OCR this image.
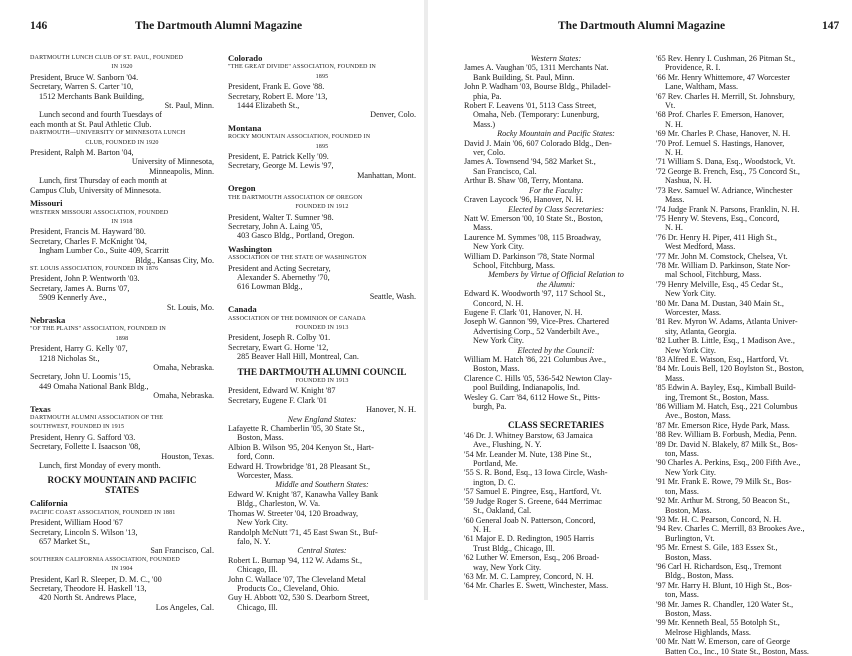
146	The Dartmouth Alumni Magazine
DARTMOUTH LUNCH CLUB OF ST. PAUL, FOUNDED
IN 1920
President, Bruce W. Sanborn '04.
Secretary, Warren S. Carter '10,
1512 Merchants Bank Building,
St. Paul, Minn.
Lunch second and fourth Tuesdays of
each month at St. Paul Athletic Club.
DARTMOUTH—UNIVERSITY OF MINNESOTA LUNCH
CLUB, FOUNDED IN 1920
President, Ralph M. Barton '04,
University of Minnesota,
Minneapolis, Minn.
Lunch, first Thursday of each month at
Campus Club, University of Minnesota.
Missouri
WESTERN MISSOURI ASSOCIATION, FOUNDED
IN 1918
President, Francis M. Hayward '80.
Secretary, Charles F. McKnight '04,
Ingham Lumber Co., Suite 409, Scarritt
Bldg., Kansas City, Mo.
ST. LOUIS ASSOCIATION, FOUNDED IN 1876
President, John P. Wentworth '03.
Secretary, James A. Burns '07,
5909 Kennerly Ave.,
St. Louis, Mo.
Nebraska
"OF THE PLAINS" ASSOCIATION, FOUNDED IN
1898
President, Harry G. Kelly '07,
1218 Nicholas St.,
Omaha, Nebraska.
Secretary, John U. Loomis '15,
449 Omaha National Bank Bldg.,
Omaha, Nebraska.
Texas
DARTMOUTH ALUMNI ASSOCIATION OF THE
SOUTHWEST, FOUNDED IN 1915
President, Henry G. Safford '03.
Secretary, Follette I. Isaacson '08,
Houston, Texas.
Lunch, first Monday of every month.
ROCKY MOUNTAIN AND PACIFIC
STATES
California
PACIFIC COAST ASSOCIATION, FOUNDED IN 1881
President, William Hood '67
Secretary, Lincoln S. Wilson '13,
657 Market St.,
San Francisco, Cal.
SOUTHERN CALIFORNIA ASSOCIATION, FOUNDED
IN 1904
President, Karl R. Sleeper, D. M. C., '00
Secretary, Theodore H. Haskell '13,
420 North St. Andrews Place,
Los Angeles, Cal.
Colorado
"THE GREAT DIVIDE" ASSOCIATION, FOUNDED IN
1895
President, Frank E. Gove '88.
Secretary, Robert E. More '13,
1444 Elizabeth St.,
Denver, Colo.
Montana
ROCKY MOUNTAIN ASSOCIATION, FOUNDED IN
1895
President, E. Patrick Kelly '09.
Secretary, George M. Lewis '97,
Manhattan, Mont.
Oregon
THE DARTMOUTH ASSOCIATION OF OREGON
FOUNDED IN 1912
President, Walter T. Sumner '98.
Secretary, John A. Laing '05,
403 Gasco Bldg., Portland, Oregon.
Washington
ASSOCIATION OF THE STATE OF WASHINGTON
President and Acting Secretary,
Alexander S. Abernethy '70,
616 Lowman Bldg.,
Seattle, Wash.
Canada
ASSOCIATION OF THE DOMINION OF CANADA
FOUNDED IN 1913
President, Joseph R. Colby '01.
Secretary, Ewart G. Horne '12,
285 Beaver Hall Hill, Montreal, Can.
THE DARTMOUTH ALUMNI COUNCIL
FOUNDED IN 1913
President, Edward W. Knight '87
Secretary, Eugene F. Clark '01
Hanover, N. H.
New England States:
Lafayette R. Chamberlin '05, 30 State St.,
Boston, Mass.
Albion B. Wilson '95, 204 Kenyon St., Hart-
ford, Conn.
Edward H. Trowbridge '81, 28 Pleasant St.,
Worcester, Mass.
Middle and Southern States:
Edward W. Knight '87, Kanawha Valley Bank
Bldg., Charleston, W. Va.
Thomas W. Streeter '04, 120 Broadway,
New York City.
Randolph McNutt '71, 45 East Swan St., Buf-
falo, N. Y.
Central States:
Robert L. Burnap '94, 112 W. Adams St.,
Chicago, Ill.
John C. Wallace '07, The Cleveland Metal
Products Co., Cleveland, Ohio.
Guy H. Abbott '02, 530 S. Dearborn Street,
Chicago, Ill.
The Dartmouth Alumni Magazine	147
Western States:
James A. Vaughan '05, 1311 Merchants Nat.
Bank Building, St. Paul, Minn.
John P. Wadham '03, Bourse Bldg., Philadel-
phia, Pa.
Robert F. Leavens '01, 5113 Cass Street,
Omaha, Neb. (Temporary: Lunenburg,
Mass.)
Rocky Mountain and Pacific States:
David J. Main '06, 607 Colorado Bldg., Den-
ver, Colo.
James A. Townsend '94, 582 Market St.,
San Francisco, Cal.
Arthur B. Shaw '08, Terry, Montana.
For the Faculty:
Craven Laycock '96, Hanover, N. H.
Elected by Class Secretaries:
Natt W. Emerson '00, 10 State St., Boston,
Mass.
Laurence M. Symmes '08, 115 Broadway,
New York City.
William D. Parkinson '78, State Normal
School, Fitchburg, Mass.
Members by Virtue of Official Relation to
the Alumni:
Edward K. Woodworth '97, 117 School St.,
Concord, N. H.
Eugene F. Clark '01, Hanover, N. H.
Joseph W. Gannon '99, Vice-Pres. Chartered
Advertising Corp., 52 Vanderbilt Ave.,
New York City.
Elected by the Council:
William M. Hatch '86, 221 Columbus Ave.,
Boston, Mass.
Clarence C. Hills '05, 536-542 Newton Clay-
pool Building, Indianapolis, Ind.
Wesley G. Carr '84, 6112 Howe St., Pitts-
burgh, Pa.
CLASS SECRETARIES
'46 Dr. J. Whitney Barstow, 63 Jamaica
Ave., Flushing, N. Y.
'54 Mr. Leander M. Nute, 138 Pine St.,
Portland, Me.
'55 S. R. Bond, Esq., 13 Iowa Circle, Wash-
ington, D. C.
'57 Samuel E. Pingree, Esq., Hartford, Vt.
'59 Judge Roger S. Greene, 644 Merrimac
St., Oakland, Cal.
'60 General Joab N. Patterson, Concord,
N. H.
'61 Major E. D. Redington, 1905 Harris
Trust Bldg., Chicago, Ill.
'62 Luther W. Emerson, Esq., 206 Broad-
way, New York City.
'63 Mr. M. C. Lamprey, Concord, N. H.
'64 Mr. Charles E. Swett, Winchester, Mass.
'65 Rev. Henry I. Cushman, 26 Pitman St.,
Providence, R. I.
'66 Mr. Henry Whittemore, 47 Worcester
Lane, Waltham, Mass.
'67 Rev. Charles H. Merrill, St. Johnsbury,
Vt.
'68 Prof. Charles F. Emerson, Hanover,
N. H.
'69 Mr. Charles P. Chase, Hanover, N. H.
'70 Prof. Lemuel S. Hastings, Hanover,
N. H.
'71 William S. Dana, Esq., Woodstock, Vt.
'72 George B. French, Esq., 75 Concord St.,
Nashua, N. H.
'73 Rev. Samuel W. Adriance, Winchester
Mass.
'74 Judge Frank N. Parsons, Franklin, N. H.
'75 Henry W. Stevens, Esq., Concord,
N. H.
'76 Dr. Henry H. Piper, 411 High St.,
West Medford, Mass.
'77 Mr. John M. Comstock, Chelsea, Vt.
'78 Mr. William D. Parkinson, State Nor-
mal School, Fitchburg, Mass.
'79 Henry Melville, Esq., 45 Cedar St.,
New York City.
'80 Mr. Dana M. Dustan, 340 Main St.,
Worcester, Mass.
'81 Rev. Myron W. Adams, Atlanta Univer-
sity, Atlanta, Georgia.
'82 Luther B. Little, Esq., 1 Madison Ave.,
New York City.
'83 Alfred E. Watson, Esq., Hartford, Vt.
'84 Mr. Louis Bell, 120 Boylston St., Boston,
Mass.
'85 Edwin A. Bayley, Esq., Kimball Build-
ing, Tremont St., Boston, Mass.
'86 William M. Hatch, Esq., 221 Columbus
Ave., Boston, Mass.
'87 Mr. Emerson Rice, Hyde Park, Mass.
'88 Rev. William B. Forbush, Media, Penn.
'89 Dr. David N. Blakely, 87 Milk St., Bos-
ton, Mass.
'90 Charles A. Perkins, Esq., 200 Fifth Ave.,
New York City.
'91 Mr. Frank E. Rowe, 79 Milk St., Bos-
ton, Mass.
'92 Mr. Arthur M. Strong, 50 Beacon St.,
Boston, Mass.
'93 Mr. H. C. Pearson, Concord, N. H.
'94 Rev. Charles C. Merrill, 83 Brookes Ave.,
Burlington, Vt.
'95 Mr. Ernest S. Gile, 183 Essex St.,
Boston, Mass.
'96 Carl H. Richardson, Esq., Tremont
Bldg., Boston, Mass.
'97 Mr. Harry H. Blunt, 10 High St., Bos-
ton, Mass.
'98 Mr. James R. Chandler, 120 Water St.,
Boston, Mass.
'99 Mr. Kenneth Beal, 55 Botolph St.,
Melrose Highlands, Mass.
'00 Mr. Natt W. Emerson, care of George
Batten Co., Inc., 10 State St., Boston, Mass.
